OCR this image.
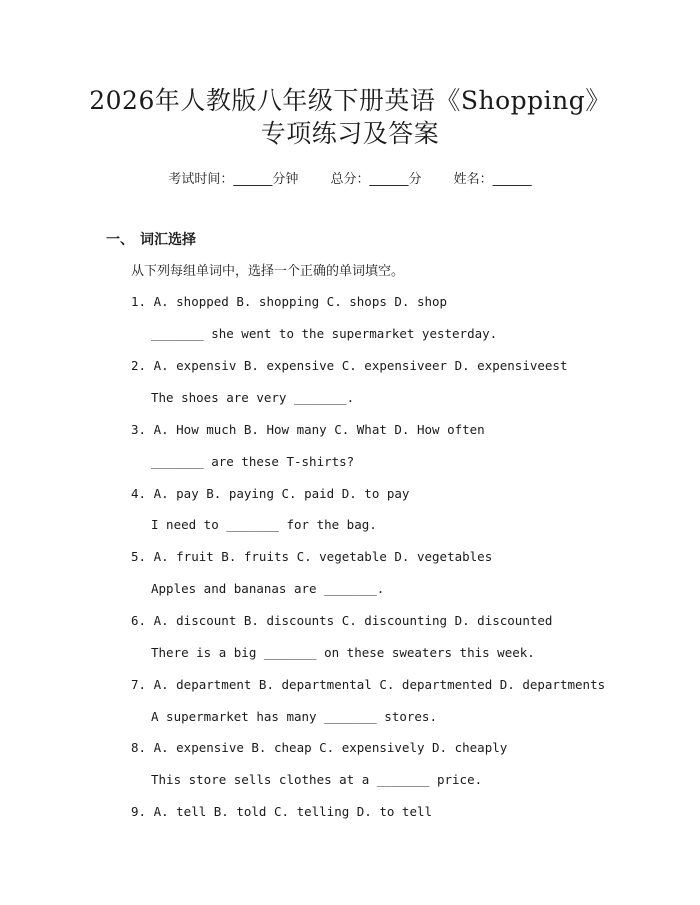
2026年人教版八年级下册英语《Shopping》
专项练习及答案
考试时间：______分钟 总分：______分 姓名：______
一、 词汇选择
从下列每组单词中，选择一个正确的单词填空。
1. A. shopped B. shopping C. shops D. shop
_______ she went to the supermarket yesterday.
2. A. expensiv B. expensive C. expensiveer D. expensiveest
The shoes are very _______.
3. A. How much B. How many C. What D. How often
_______ are these T-shirts?
4. A. pay B. paying C. paid D. to pay
I need to _______ for the bag.
5. A. fruit B. fruits C. vegetable D. vegetables
Apples and bananas are _______.
6. A. discount B. discounts C. discounting D. discounted
There is a big _______ on these sweaters this week.
7. A. department B. departmental C. departmented D. departments
A supermarket has many _______ stores.
8. A. expensive B. cheap C. expensively D. cheaply
This store sells clothes at a _______ price.
9. A. tell B. told C. telling D. to tell
